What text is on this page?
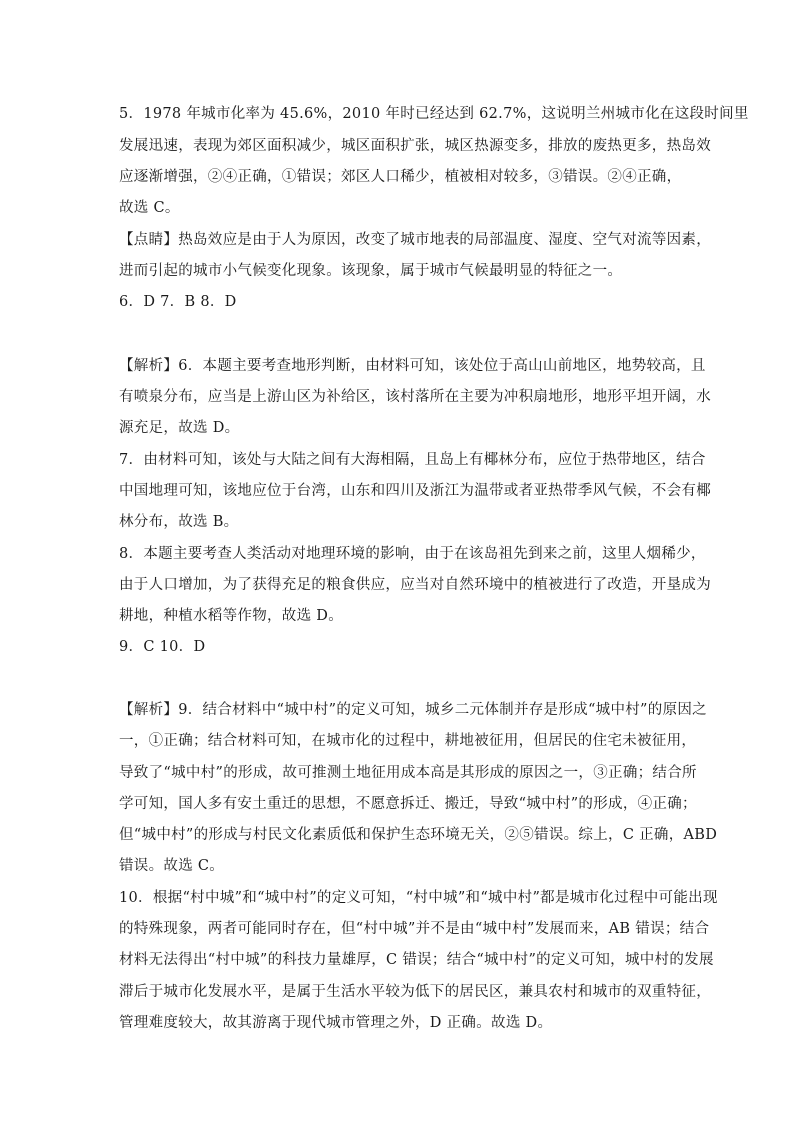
5．1978 年城市化率为 45.6%，2010 年时已经达到 62.7%，这说明兰州城市化在这段时间里
发展迅速，表现为郊区面积减少，城区面积扩张，城区热源变多，排放的废热更多，热岛效
应逐渐增强，②④正确，①错误；郊区人口稀少，植被相对较多，③错误。②④正确，
故选 C。
【点睛】热岛效应是由于人为原因，改变了城市地表的局部温度、湿度、空气对流等因素，
进而引起的城市小气候变化现象。该现象，属于城市气候最明显的特征之一。
6．D 7．B 8．D
【解析】6．本题主要考查地形判断，由材料可知，该处位于高山山前地区，地势较高，且
有喷泉分布，应当是上游山区为补给区，该村落所在主要为冲积扇地形，地形平坦开阔，水
源充足，故选 D。
7．由材料可知，该处与大陆之间有大海相隔，且岛上有椰林分布，应位于热带地区，结合
中国地理可知，该地应位于台湾，山东和四川及浙江为温带或者亚热带季风气候，不会有椰
林分布，故选 B。
8．本题主要考查人类活动对地理环境的影响，由于在该岛祖先到来之前，这里人烟稀少，
由于人口增加，为了获得充足的粮食供应，应当对自然环境中的植被进行了改造，开垦成为
耕地，种植水稻等作物，故选 D。
9．C 10．D
【解析】9．结合材料中“城中村”的定义可知，城乡二元体制并存是形成“城中村”的原因之
一，①正确；结合材料可知，在城市化的过程中，耕地被征用，但居民的住宅未被征用，
导致了“城中村”的形成，故可推测土地征用成本高是其形成的原因之一，③正确；结合所
学可知，国人多有安土重迁的思想，不愿意拆迁、搬迁，导致“城中村”的形成，④正确；
但“城中村”的形成与村民文化素质低和保护生态环境无关，②⑤错误。综上，C 正确，ABD
错误。故选 C。
10．根据“村中城”和“城中村”的定义可知，“村中城”和“城中村”都是城市化过程中可能出现
的特殊现象，两者可能同时存在，但“村中城”并不是由“城中村”发展而来，AB 错误；结合
材料无法得出“村中城”的科技力量雄厚，C 错误；结合“城中村”的定义可知，城中村的发展
滞后于城市化发展水平，是属于生活水平较为低下的居民区，兼具农村和城市的双重特征，
管理难度较大，故其游离于现代城市管理之外，D 正确。故选 D。
